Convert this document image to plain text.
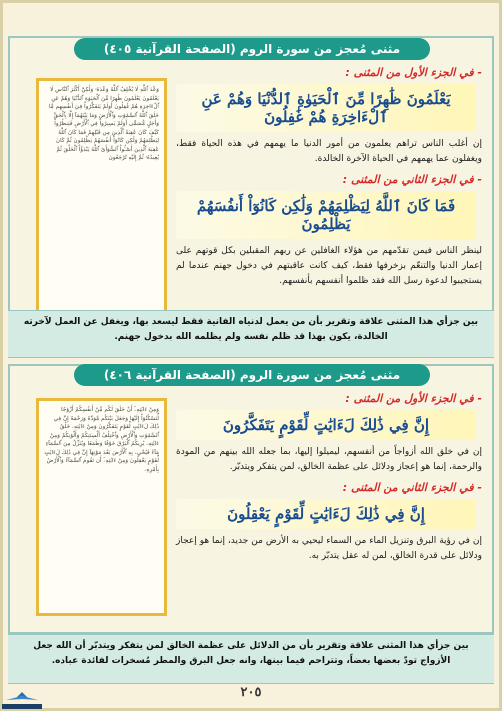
مثنى مُعجز من سورة الروم (الصفحة القرآنية ٤٠٥)
وَعْدَ ٱللَّهِ لَا يُخْلِفُ ٱللَّهُ وَعْدَهُۥ وَلَٰكِنَّ أَكْثَرَ ٱلنَّاسِ لَا يَعْلَمُونَ يَعْلَمُونَ ظَٰهِرًا مِّنَ ٱلْحَيَوٰةِ ٱلدُّنْيَا وَهُمْ عَنِ ٱلْءَاخِرَةِ هُمْ غَٰفِلُونَ أَوَلَمْ يَتَفَكَّرُواْ فِيٓ أَنفُسِهِم مَّا خَلَقَ ٱللَّهُ ٱلسَّمَٰوَٰتِ وَٱلْأَرْضَ وَمَا بَيْنَهُمَآ إِلَّا بِٱلْحَقِّ وَأَجَلٍ مُّسَمًّى أَوَلَمْ يَسِيرُواْ فِي ٱلْأَرْضِ فَيَنظُرُواْ كَيْفَ كَانَ عَٰقِبَةُ ٱلَّذِينَ مِن قَبْلِهِمْ فَمَا كَانَ ٱللَّهُ لِيَظْلِمَهُمْ وَلَٰكِن كَانُوٓاْ أَنفُسَهُمْ يَظْلِمُونَ ثُمَّ كَانَ عَٰقِبَةَ ٱلَّذِينَ أَسَٰٓـُٔواْ ٱلسُّوٓأَىٰٓ ٱللَّهُ يَبْدَؤُاْ ٱلْخَلْقَ ثُمَّ يُعِيدُهُۥ ثُمَّ إِلَيْهِ تُرْجَعُونَ
- في الجزء الأول من المثنى :
يَعْلَمُونَ ظَٰهِرًا مِّنَ ٱلْحَيَوٰةِ ٱلدُّنْيَا وَهُمْ عَنِ ٱلْءَاخِرَةِ هُمْ غَٰفِلُونَ
إن أغلب الناس تراهم يعلمون من أمور الدنيا ما يهمهم في هذه الحياة فقط، ويغفلون عما يهمهم في الحياة الآخرة الخالدة.
- في الجزء الثاني من المثنى :
فَمَا كَانَ ٱللَّهُ لِيَظْلِمَهُمْ وَلَٰكِن كَانُوٓاْ أَنفُسَهُمْ يَظْلِمُونَ
لينظر الناس فيمن تقدّمهم من هؤلاء الغافلين عن ربهم المقبلين بكل قوتهم على إعمار الدنيا والتنعّم بزخرفها فقط، كيف كانت عاقبتهم في دخول جهنم عندما لم يستجيبوا لدعوة رسل الله فقد ظلموا أنفسهم بأنفسهم.
بين جزأي هذا المثنى علاقة وتقرير بأن من يعمل لدنياه الفانية فقط ليسعد بها، ويغفل عن العمل لآخرته الخالدة، يكون بهذا قد ظلم نفسه ولم يظلمه الله بدخول جهنم.
مثنى مُعجز من سورة الروم (الصفحة القرآنية ٤٠٦)
وَمِنْ ءَايَٰتِهِۦٓ أَنْ خَلَقَ لَكُم مِّنْ أَنفُسِكُمْ أَزْوَٰجًا لِّتَسْكُنُوٓاْ إِلَيْهَا وَجَعَلَ بَيْنَكُم مَّوَدَّةً وَرَحْمَةً إِنَّ فِي ذَٰلِكَ لَءَايَٰتٍ لِّقَوْمٍ يَتَفَكَّرُونَ وَمِنْ ءَايَٰتِهِۦ خَلْقُ ٱلسَّمَٰوَٰتِ وَٱلْأَرْضِ وَٱخْتِلَٰفُ أَلْسِنَتِكُمْ وَأَلْوَٰنِكُمْ وَمِنْ ءَايَٰتِهِۦ يُرِيكُمُ ٱلْبَرْقَ خَوْفًا وَطَمَعًا وَيُنَزِّلُ مِنَ ٱلسَّمَآءِ مَآءً فَيُحْيِۦ بِهِ ٱلْأَرْضَ بَعْدَ مَوْتِهَآ إِنَّ فِي ذَٰلِكَ لَءَايَٰتٍ لِّقَوْمٍ يَعْقِلُونَ وَمِنْ ءَايَٰتِهِۦٓ أَن تَقُومَ ٱلسَّمَآءُ وَٱلْأَرْضُ بِأَمْرِهِۦ
- في الجزء الأول من المثنى :
إِنَّ فِي ذَٰلِكَ لَءَايَٰتٍ لِّقَوْمٍ يَتَفَكَّرُونَ
إن في خلق الله أزواجاً من أنفسهم، ليميلوا إليها، بما جعله الله بينهم من المودة والرحمة، إنما هو إعجاز ودلائل على عظمة الخالق، لمن يتفكر ويتدبّر.
- في الجزء الثاني من المثنى :
إِنَّ فِي ذَٰلِكَ لَءَايَٰتٍ لِّقَوْمٍ يَعْقِلُونَ
إن في رؤية البرق وتنزيل الماء من السماء ليحيي به الأرض من جديد، إنما هو إعجاز ودلائل على قدرة الخالق، لمن له عقل يتدبّر به.
بين جزأي هذا المثنى علاقة وتقرير بأن من الدلائل على عظمة الخالق لمن يتفكر ويتدبّر أن الله جعل الأزواج تودّ بعضها بعضاً، وتتراحم فيما بينها، وانه جعل البرق والمطر مُسخرات لفائدة عباده.
٢٠٥
